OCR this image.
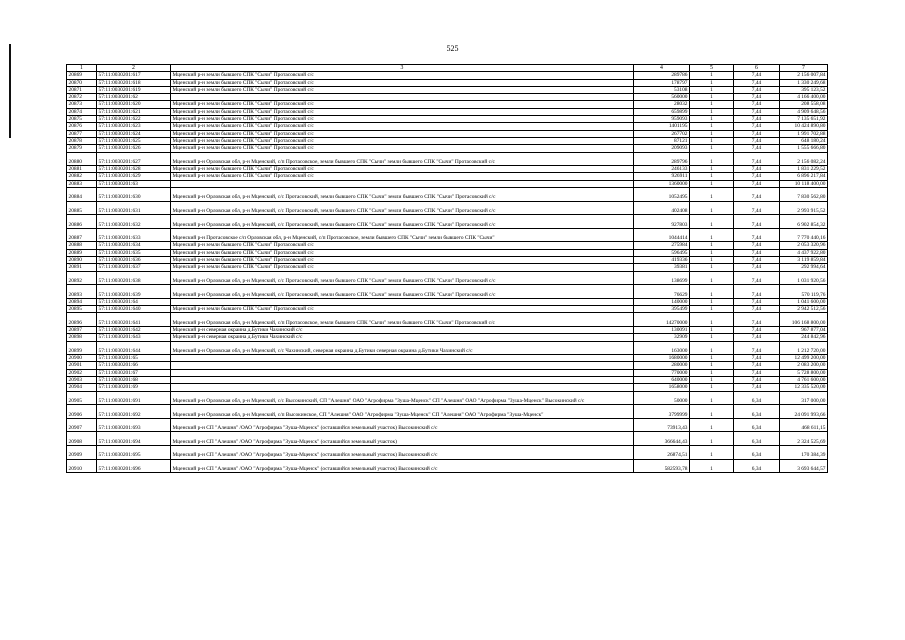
525
1	2	3	4	5	6	7
20869	57:11:0030201:617	Мценский р-н земли бывшего СПК "Сычи" Протасовский с/с	289786	1	7,44	2 156 007,84
20870	57:11:0030201:618	Мценский р-н земли бывшего СПК "Сычи" Протасовский с/с	178797	1	7,44	1 330 249,68
20871	57:11:0030201:619	Мценский р-н земли бывшего СПК "Сычи" Протасовский с/с	53108	1	7,44	395 123,52
20872	57:11:0030201:62		560000	1	7,44	4 166 400,00
20873	57:11:0030201:620	Мценский р-н земли бывшего СПК "Сычи" Протасовский с/с	28032	1	7,44	208 558,08
20874	57:11:0030201:621	Мценский р-н земли бывшего СПК "Сычи" Протасовский с/с	659899	1	7,44	4 909 648,56
20875	57:11:0030201:622	Мценский р-н земли бывшего СПК "Сычи" Протасовский с/с	959093	1	7,44	7 135 651,92
20876	57:11:0030201:623	Мценский р-н земли бывшего СПК "Сычи" Протасовский с/с	1401195	1	7,44	10 424 890,80
20877	57:11:0030201:624	Мценский р-н земли бывшего СПК "Сычи" Протасовский с/с	267702	1	7,44	1 991 702,88
20878	57:11:0030201:625	Мценский р-н земли бывшего СПК "Сычи" Протасовский с/с	87121	1	7,44	648 180,24
20879	57:11:0030201:626	Мценский р-н земли бывшего СПК "Сычи" Протасовский с/с	209093	1	7,44	1 555 666,80
20880	57:11:0030201:627	Мценский р-н Орловская обл, р-н Мценский, с/п Протасовское, земли бывшего СПК "Сычи" земли бывшего СПК "Сычи" Протасовский с/с	289796	1	7,44	2 156 082,24
20881	57:11:0030201:628	Мценский р-н земли бывшего СПК "Сычи" Протасовский с/с	246133	1	7,44	1 831 229,52
20882	57:11:0030201:629	Мценский р-н земли бывшего СПК "Сычи" Протасовский с/с	926911	1	7,44	6 896 217,84
20883	57:11:0030201:63		1360000	1	7,44	10 118 400,00
20884	57:11:0030201:630	Мценский р-н Орловская обл, р-н Мценский, с/с Протасовский, земли бывшего СПК "Сычи" земли бывшего СПК "Сычи" Протасовский с/с	1052495	1	7,44	7 830 562,80
20885	57:11:0030201:631	Мценский р-н Орловская обл, р-н Мценский, с/с Протасовский, земли бывшего СПК "Сычи" земли бывшего СПК "Сычи" Протасовский с/с	402408	1	7,44	2 993 915,52
20886	57:11:0030201:632	Мценский р-н Орловская обл, р-н Мценский, с/с Протасовский, земли бывшего СПК "Сычи" земли бывшего СПК "Сычи" Протасовский с/с	927803	1	7,44	6 902 854,32
20887	57:11:0030201:633	Мценский р-н Протасовское с/п Орловская обл, р-н Мценский, с/п Протасовское, земли бывшего СПК "Сычи" земли бывшего СПК "Сычи"	1044414	1	7,44	7 770 440,16
20888	57:11:0030201:634	Мценский р-н земли бывшего СПК "Сычи" Протасовский с/с	275984	1	7,44	2 053 320,96
20889	57:11:0030201:635	Мценский р-н земли бывшего СПК "Сычи" Протасовский с/с	596495	1	7,44	4 437 922,80
20890	57:11:0030201:636	Мценский р-н земли бывшего СПК "Сычи" Протасовский с/с	419336	1	7,44	3 119 859,84
20891	57:11:0030201:637	Мценский р-н земли бывшего СПК "Сычи" Протасовский с/с	39381	1	7,44	292 994,64
20892	57:11:0030201:638	Мценский р-н Орловская обл, р-н Мценский, с/с Протасовский, земли бывшего СПК "Сычи" земли бывшего СПК "Сычи" Протасовский с/с	138699	1	7,44	1 031 920,56
20893	57:11:0030201:639	Мценский р-н Орловская обл, р-н Мценский, с/с Протасовский, земли бывшего СПК "Сычи" земли бывшего СПК "Сычи" Протасовский с/с	76629	1	7,44	570 119,76
20894	57:11:0030201:64		140000	1	7,44	1 041 600,00
20895	57:11:0030201:640	Мценский р-н земли бывшего СПК "Сычи" Протасовский с/с	395499	1	7,44	2 942 512,56
20896	57:11:0030201:641	Мценский р-н Орловская обл, р-н Мценский, с/п Протасовское, земли бывшего СПК "Сычи" земли бывшего СПК "Сычи" Протасовский с/с	14270000	1	7,44	106 168 800,00
20897	57:11:0030201:642	Мценский р-н северная окраина д.Бутики Чахинский с/с	130091	1	7,44	967 877,04
20898	57:11:0030201:643	Мценский р-н северная окраина д.Бутики Чахинский с/с	32909	1	7,44	244 842,96
20899	57:11:0030201:644	Мценский р-н Орловская обл, р-н Мценский, с/с Чахинский, северная окраина д.Бутики северная окраина д.Бутики Чахинский с/с	163000	1	7,44	1 212 720,00
20900	57:11:0030201:65		1680000	1	7,44	12 499 200,00
20901	57:11:0030201:66		280000	1	7,44	2 083 200,00
20902	57:11:0030201:67		770000	1	7,44	5 728 800,00
20903	57:11:0030201:68		640000	1	7,44	4 761 600,00
20904	57:11:0030201:69		1658000	1	7,44	12 335 520,00
20905	57:11:0030201:691	Мценский р-н Орловская обл, р-н Мценский, с/с Высокинский, СП "Алешня" ОАО "Агрофирма "Зуша-Мценск" СП "Алешня" ОАО "Агрофирма "Зуша-Мценск" Высокинский с/с	50000	1	6,34	317 000,00
20906	57:11:0030201:692	Мценский р-н Орловская обл, р-н Мценский, с/п Высокинское, СП "Алешня" ОАО "Агрофирма "Зуша-Мценск" СП "Алешня" ОАО "Агрофирма "Зуша-Мценск"	3799999	1	6,34	24 091 993,66
20907	57:11:0030201:693	Мценский р-н СП "Алешня" /ОАО "Агрофирма "Зуша-Мценск" (оставшийся земельный участок) Высокинский с/с	73913,43	1	6,34	468 611,15
20908	57:11:0030201:694	Мценский р-н СП "Алешня" /ОАО "Агрофирма "Зуша-Мценск" (оставшийся земельный участок)	366644,43	1	6,34	2 324 525,69
20909	57:11:0030201:695	Мценский р-н СП "Алешня" /ОАО "Агрофирма "Зуша-Мценск" (оставшийся земельный участок) Высокинский с/с	26874,51	1	6,34	170 384,39
20910	57:11:0030201:696	Мценский р-н СП "Алешня" /ОАО "Агрофирма "Зуша-Мценск" (оставшийся земельный участок) Высокинский с/с	582593,78	1	6,34	3 693 644,57
